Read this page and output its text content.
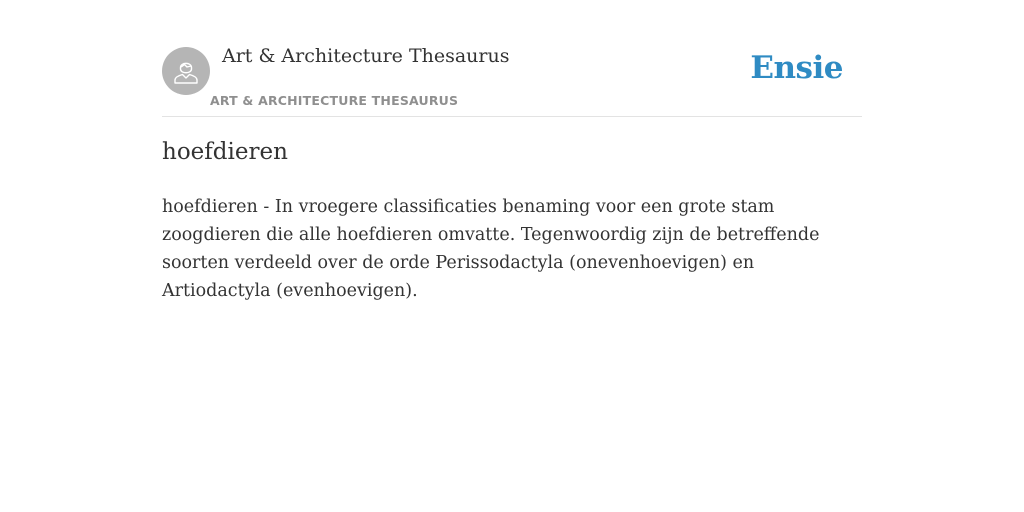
Art & Architecture Thesaurus
ART & ARCHITECTURE THESAURUS
Ensie
hoefdieren

hoefdieren - In vroegere classificaties benaming voor een grote stam zoogdieren die alle hoefdieren omvatte. Tegenwoordig zijn de betreffende soorten verdeeld over de orde Perissodactyla (onevenhoevigen) en Artiodactyla (evenhoevigen).
